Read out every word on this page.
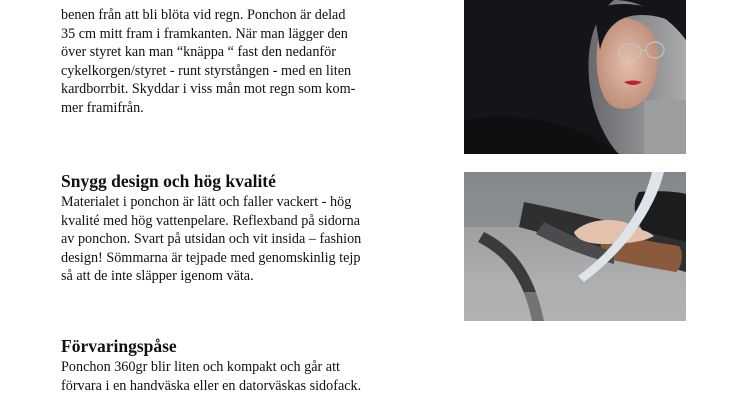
benen från att bli blöta vid regn. Ponchon är delad
35 cm mitt fram i framkanten. När man lägger den
över styret kan man “knäppa “ fast den nedanför
cykelkorgen/styret - runt styrstången - med en liten
kardborrbit. Skyddar i viss mån mot regn som kom-
mer framifrån.

Snygg design och hög kvalité

Materialet i ponchon är lätt och faller vackert - hög
kvalité med hög vattenpelare. Reflexband på sidorna
av ponchon. Svart på utsidan och vit insida – fashion
design! Sömmarna är tejpade med genomskinlig tejp
så att de inte släpper igenom väta.

Förvaringspåse

Ponchon 360gr blir liten och kompakt och går att
förvara i en handväska eller en datorväskas sidofack.
